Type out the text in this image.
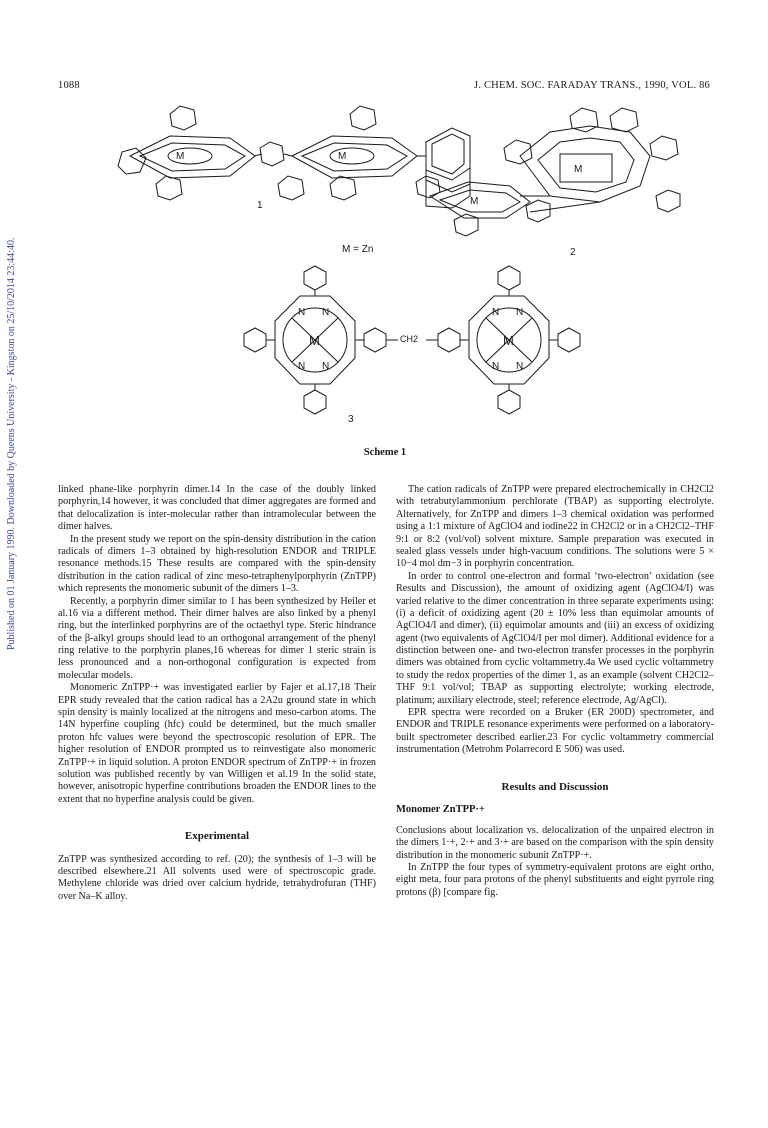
1088	J. CHEM. SOC. FARADAY TRANS., 1990, VOL. 86
Published on 01 January 1990. Downloaded by Queens University - Kingston on 25/10/2014 23:44:40.
M	M
M
M
1
2
M = Zn
N N
N N
M
N N
N N
M
CH2
3
Scheme 1

linked phane-like porphyrin dimer.14 In the case of the doubly linked porphyrin,14 however, it was concluded that dimer aggregates are formed and that delocalization is inter-molecular rather than intramolecular between the dimer halves.

In the present study we report on the spin-density distribution in the cation radicals of dimers 1–3 obtained by high-resolution ENDOR and TRIPLE resonance methods.15 These results are compared with the spin-density distribution in the cation radical of zinc meso-tetraphenylporphyrin (ZnTPP) which represents the monomeric subunit of the dimers 1–3.

Recently, a porphyrin dimer similar to 1 has been synthesized by Heiler et al.16 via a different method. Their dimer halves are also linked by a phenyl ring, but the interlinked porphyrins are of the octaethyl type. Steric hindrance of the β-alkyl groups should lead to an orthogonal arrangement of the phenyl ring relative to the porphyrin planes,16 whereas for dimer 1 steric strain is less pronounced and a non-orthogonal configuration is expected from molecular models.

Monomeric ZnTPP·+ was investigated earlier by Fajer et al.17,18 Their EPR study revealed that the cation radical has a 2A2u ground state in which spin density is mainly localized at the nitrogens and meso-carbon atoms. The 14N hyperfine coupling (hfc) could be determined, but the much smaller proton hfc values were beyond the spectroscopic resolution of EPR. The higher resolution of ENDOR prompted us to reinvestigate also monomeric ZnTPP·+ in liquid solution. A proton ENDOR spectrum of ZnTPP·+ in frozen solution was published recently by van Willigen et al.19 In the solid state, however, anisotropic hyperfine contributions broaden the ENDOR lines to the extent that no hyperfine analysis could be given.

Experimental

ZnTPP was synthesized according to ref. (20); the synthesis of 1–3 will be described elsewhere.21 All solvents used were of spectroscopic grade. Methylene chloride was dried over calcium hydride, tetrahydrofuran (THF) over Na–K alloy.

The cation radicals of ZnTPP were prepared electrochemically in CH2Cl2 with tetrabutylammonium perchlorate (TBAP) as supporting electrolyte. Alternatively, for ZnTPP and dimers 1–3 chemical oxidation was performed using a 1:1 mixture of AgClO4 and iodine22 in CH2Cl2 or in a CH2Cl2–THF 9:1 or 8:2 (vol/vol) solvent mixture. Sample preparation was executed in sealed glass vessels under high-vacuum conditions. The solutions were 5 × 10−4 mol dm−3 in porphyrin concentration.

In order to control one-electron and formal ‘two-electron’ oxidation (see Results and Discussion), the amount of oxidizing agent (AgClO4/I) was varied relative to the dimer concentration in three separate experiments using: (i) a deficit of oxidizing agent (20 ± 10% less than equimolar amounts of AgClO4/I and dimer), (ii) equimolar amounts and (iii) an excess of oxidizing agent (two equivalents of AgClO4/I per mol dimer). Additional evidence for a distinction between one- and two-electron transfer processes in the porphyrin dimers was obtained from cyclic voltammetry.4a We used cyclic voltammetry to study the redox properties of the dimer 1, as an example (solvent CH2Cl2–THF 9:1 vol/vol; TBAP as supporting electrolyte; working electrode, platinum; auxiliary electrode, steel; reference electrode, Ag/AgCl).

EPR spectra were recorded on a Bruker (ER 200D) spectrometer, and ENDOR and TRIPLE resonance experiments were performed on a laboratory-built spectrometer described earlier.23 For cyclic voltammetry commercial instrumentation (Metrohm Polarrecord E 506) was used.

Results and Discussion
Monomer ZnTPP·+

Conclusions about localization vs. delocalization of the unpaired electron in the dimers 1·+, 2·+ and 3·+ are based on the comparison with the spin density distribution in the monomeric subunit ZnTPP·+.

In ZnTPP the four types of symmetry-equivalent protons are eight ortho, eight meta, four para protons of the phenyl substituents and eight pyrrole ring protons (β) [compare fig.
